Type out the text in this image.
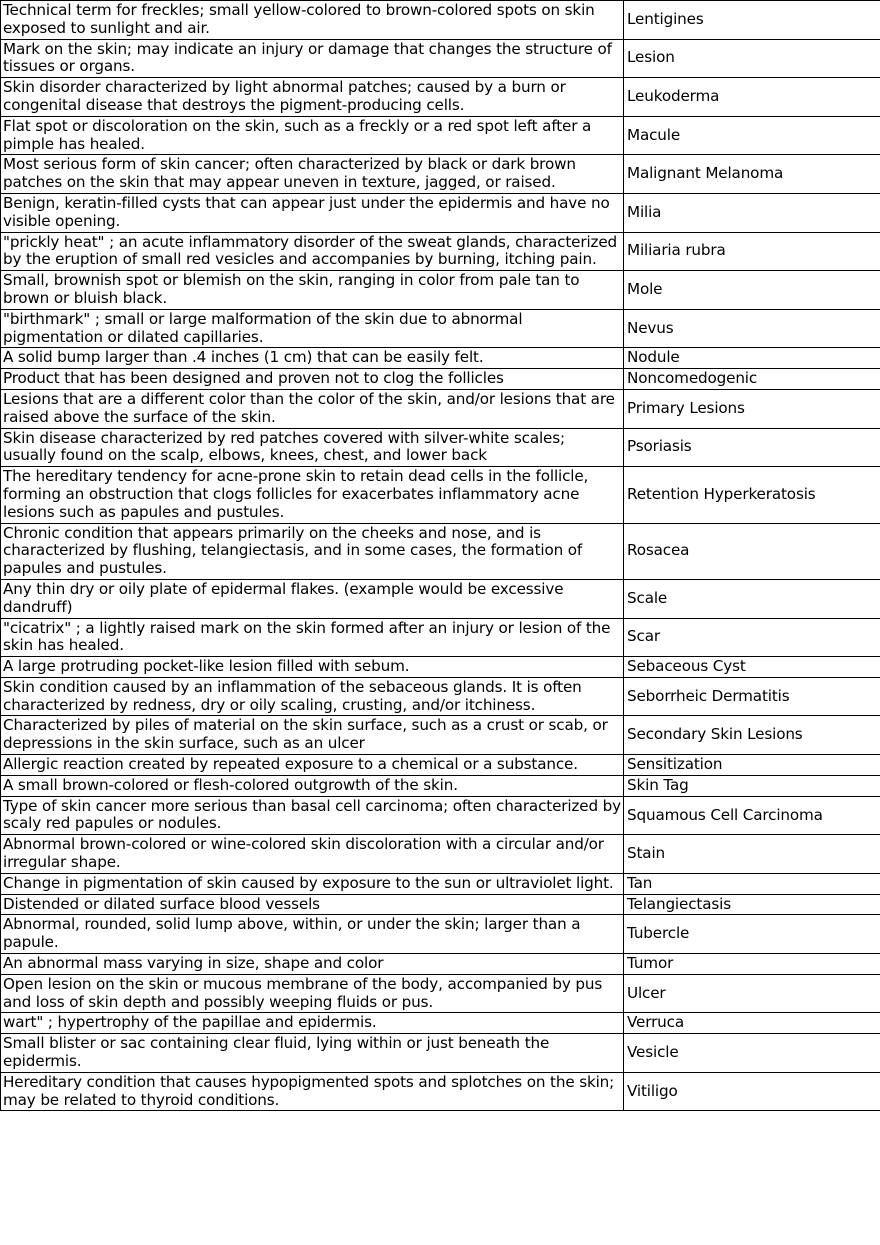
Technical term for freckles; small yellow-colored to brown-colored spots on skin exposed to sunlight and air.	Lentigines
Mark on the skin; may indicate an injury or damage that changes the structure of tissues or organs.	Lesion
Skin disorder characterized by light abnormal patches; caused by a burn or congenital disease that destroys the pigment-producing cells.	Leukoderma
Flat spot or discoloration on the skin, such as a freckly or a red spot left after a pimple has healed.	Macule
Most serious form of skin cancer; often characterized by black or dark brown patches on the skin that may appear uneven in texture, jagged, or raised.	Malignant Melanoma
Benign, keratin-filled cysts that can appear just under the epidermis and have no visible opening.	Milia
"prickly heat" ; an acute inflammatory disorder of the sweat glands, characterized by the eruption of small red vesicles and accompanies by burning, itching pain.	Miliaria rubra
Small, brownish spot or blemish on the skin, ranging in color from pale tan to brown or bluish black.	Mole
"birthmark" ; small or large malformation of the skin due to abnormal pigmentation or dilated capillaries.	Nevus
A solid bump larger than .4 inches (1 cm) that can be easily felt.	Nodule
Product that has been designed and proven not to clog the follicles	Noncomedogenic
Lesions that are a different color than the color of the skin, and/or lesions that are raised above the surface of the skin.	Primary Lesions
Skin disease characterized by red patches covered with silver-white scales; usually found on the scalp, elbows, knees, chest, and lower back	Psoriasis
The hereditary tendency for acne-prone skin to retain dead cells in the follicle, forming an obstruction that clogs follicles for exacerbates inflammatory acne lesions such as papules and pustules.	Retention Hyperkeratosis
Chronic condition that appears primarily on the cheeks and nose, and is characterized by flushing, telangiectasis, and in some cases, the formation of papules and pustules.	Rosacea
Any thin dry or oily plate of epidermal flakes. (example would be excessive dandruff)	Scale
"cicatrix" ; a lightly raised mark on the skin formed after an injury or lesion of the skin has healed.	Scar
A large protruding pocket-like lesion filled with sebum.	Sebaceous Cyst
Skin condition caused by an inflammation of the sebaceous glands. It is often characterized by redness, dry or oily scaling, crusting, and/or itchiness.	Seborrheic Dermatitis
Characterized by piles of material on the skin surface, such as a crust or scab, or depressions in the skin surface, such as an ulcer	Secondary Skin Lesions
Allergic reaction created by repeated exposure to a chemical or a substance.	Sensitization
A small brown-colored or flesh-colored outgrowth of the skin.	Skin Tag
Type of skin cancer more serious than basal cell carcinoma; often characterized by scaly red papules or nodules.	Squamous Cell Carcinoma
Abnormal brown-colored or wine-colored skin discoloration with a circular and/or irregular shape.	Stain
Change in pigmentation of skin caused by exposure to the sun or ultraviolet light.	Tan
Distended or dilated surface blood vessels	Telangiectasis
Abnormal, rounded, solid lump above, within, or under the skin; larger than a papule.	Tubercle
An abnormal mass varying in size, shape and color	Tumor
Open lesion on the skin or mucous membrane of the body, accompanied by pus and loss of skin depth and possibly weeping fluids or pus.	Ulcer
wart" ; hypertrophy of the papillae and epidermis.	Verruca
Small blister or sac containing clear fluid, lying within or just beneath the epidermis.	Vesicle
Hereditary condition that causes hypopigmented spots and splotches on the skin; may be related to thyroid conditions.	Vitiligo
